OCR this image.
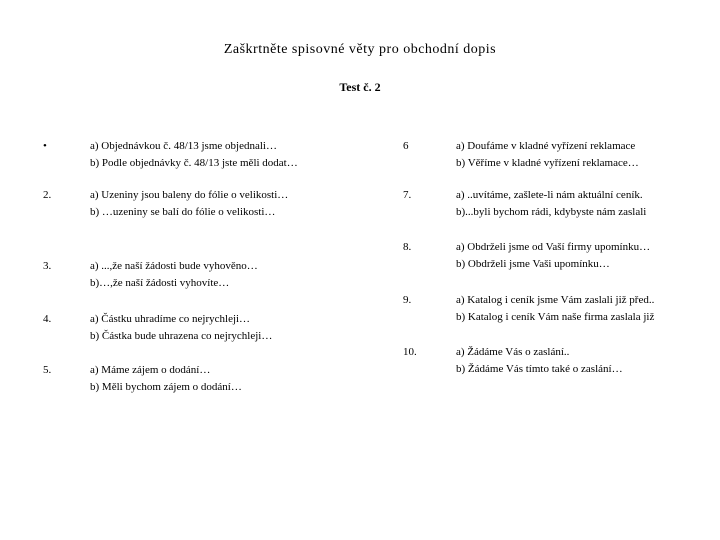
Zaškrtněte spisovné věty pro obchodní dopis
Test č. 2
•	a) Objednávkou č. 48/13 jsme objednali…
b) Podle objednávky č. 48/13 jste měli dodat…
2.	a) Uzeniny jsou baleny do fólie o velikosti…
b) …uzeniny se balí do fólie o velikosti…
3.	a) ...,že naší žádosti bude vyhověno…
b)…,že naší žádosti vyhovíte…
4.	a) Částku uhradíme co nejrychleji…
b) Částka bude uhrazena co nejrychleji…
5.	a) Máme zájem o dodání…
b) Měli bychom zájem o dodání…
6	a) Doufáme v kladné vyřízení reklamace
b) Věříme v kladné vyřízení reklamace…
7.	a) ..uvítáme, zašlete-li nám aktuální ceník.
b)...byli bychom rádi, kdybyste nám zaslali
8.	a) Obdrželi jsme od Vaší firmy upomínku…
b) Obdrželi jsme Vaši upomínku…
9.	a) Katalog i ceník jsme Vám zaslali již před..
b) Katalog i ceník Vám naše firma zaslala již
10.	a) Žádáme Vás o zaslání..
b) Žádáme Vás tímto také o zaslání…
